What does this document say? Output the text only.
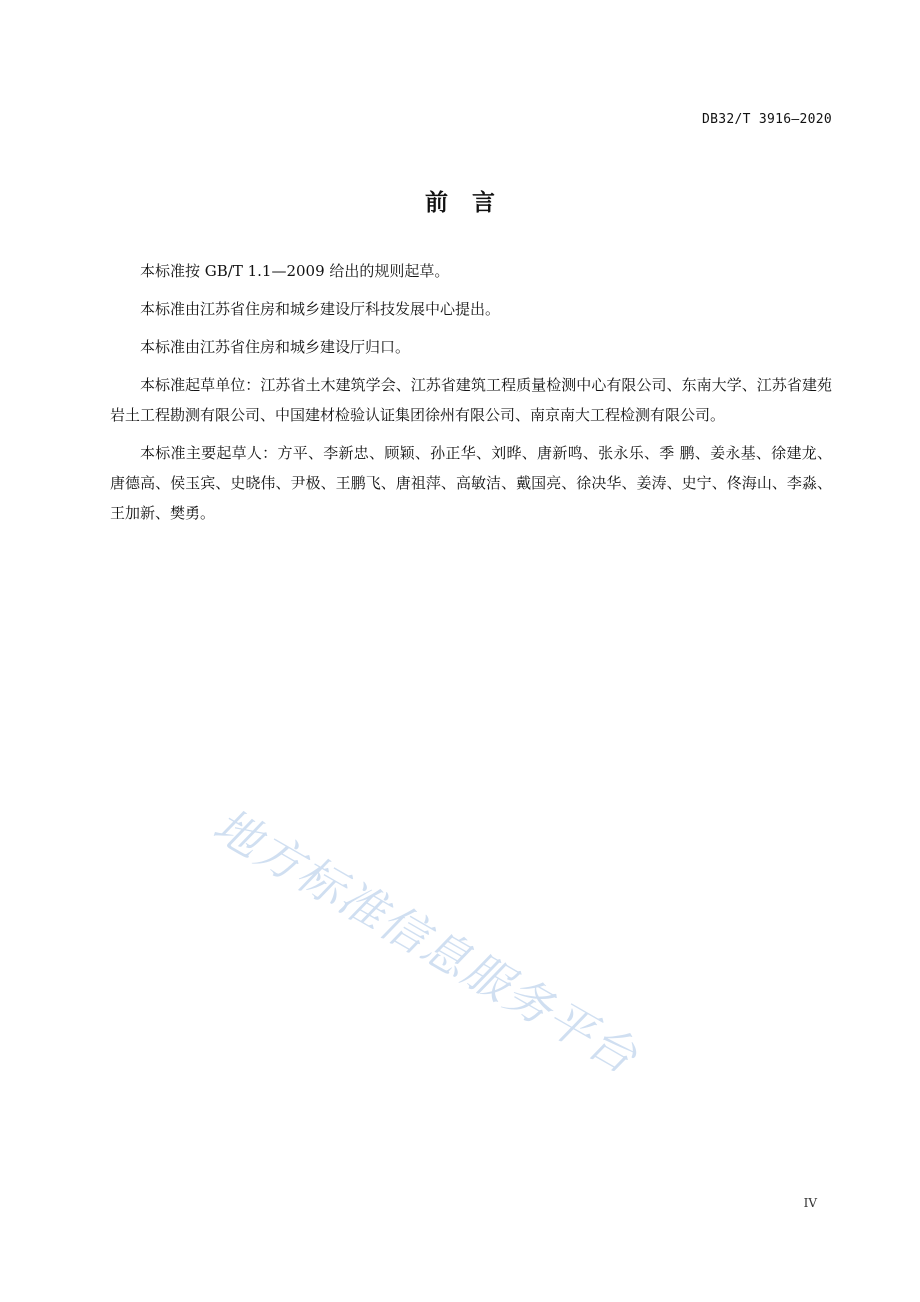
DB32/T 3916—2020
前言

本标准按 GB/T 1.1—2009 给出的规则起草。

本标准由江苏省住房和城乡建设厅科技发展中心提出。

本标准由江苏省住房和城乡建设厅归口。

本标准起草单位：江苏省土木建筑学会、江苏省建筑工程质量检测中心有限公司、东南大学、江苏省建苑岩土工程勘测有限公司、中国建材检验认证集团徐州有限公司、南京南大工程检测有限公司。

本标准主要起草人：方平、李新忠、顾颖、孙正华、刘晔、唐新鸣、张永乐、季 鹏、姜永基、徐建龙、唐德高、侯玉宾、史晓伟、尹极、王鹏飞、唐祖萍、高敏洁、戴国亮、徐决华、姜涛、史宁、佟海山、李淼、王加新、樊勇。

地方标准信息服务平台
IV
